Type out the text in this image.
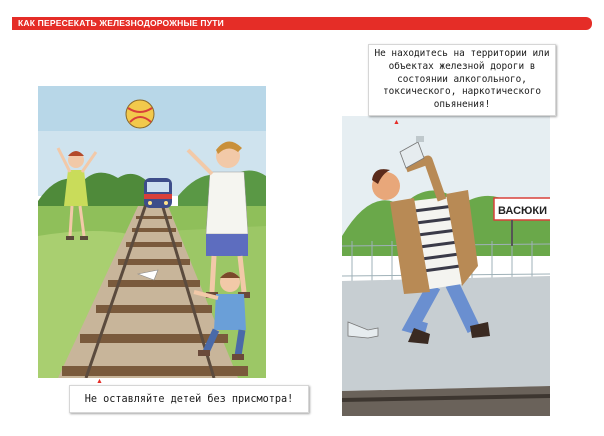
КАК ПЕРЕСЕКАТЬ ЖЕЛЕЗНОДОРОЖНЫЕ ПУТИ
Не оставляйте детей без присмотра!
▲
ВАСЮКИ
Не находитесь на территории или объектах железной дороги в состоянии алкогольного, токсического, наркотического опьянения!
▲
